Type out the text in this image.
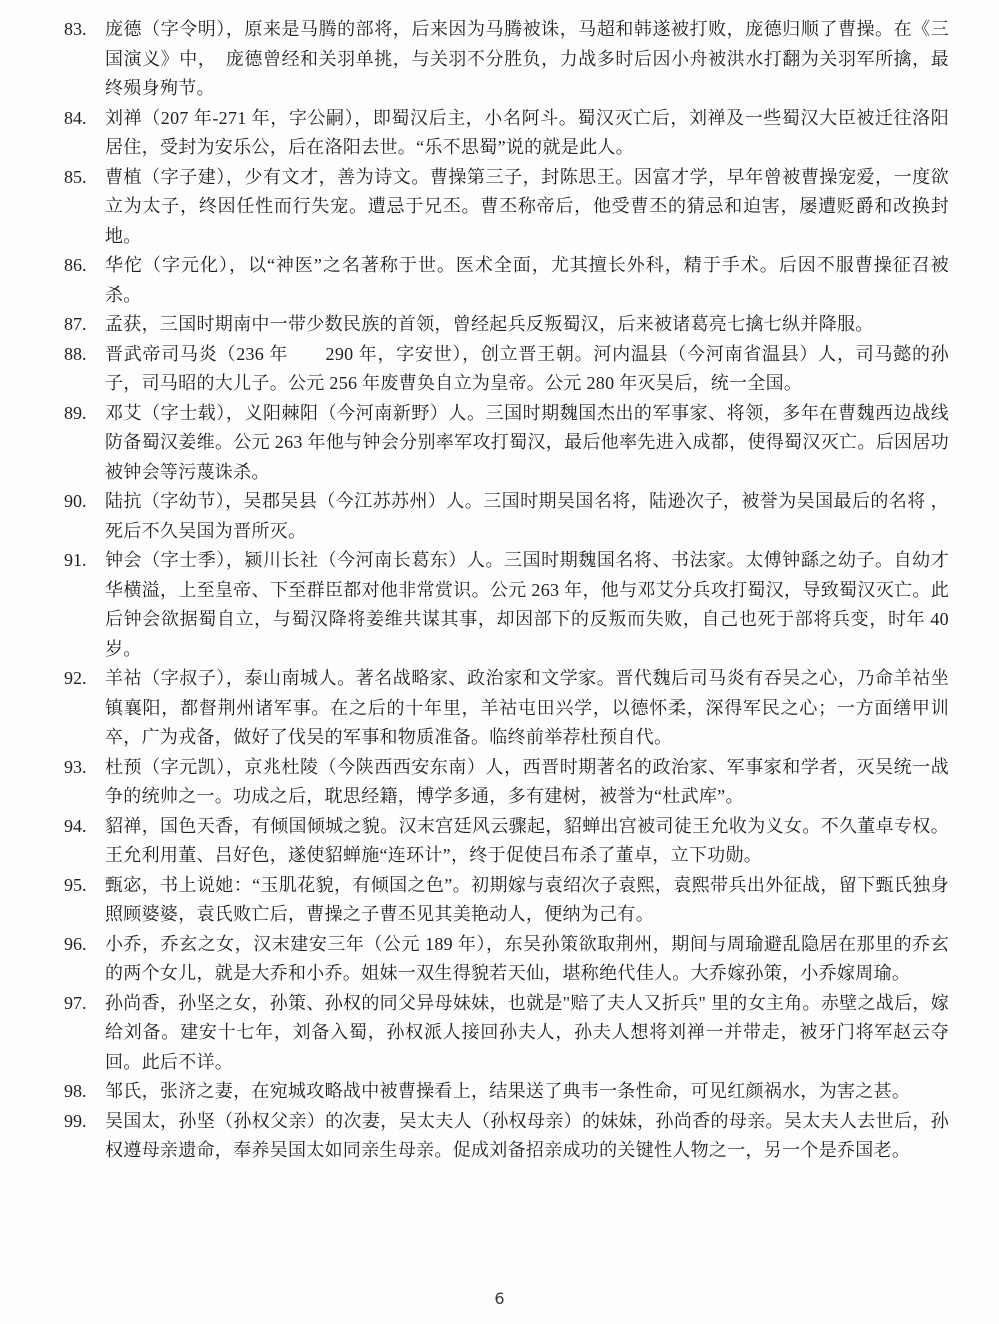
83.	庞德（字令明），原来是马腾的部将，后来因为马腾被诛，马超和韩遂被打败，庞德归顺了曹操。在《三国演义》中，　庞德曾经和关羽单挑，与关羽不分胜负，力战多时后因小舟被洪水打翻为关羽军所擒，最终殒身殉节。
84.	刘禅（207 年-271 年，字公嗣），即蜀汉后主，小名阿斗。蜀汉灭亡后，刘禅及一些蜀汉大臣被迁往洛阳居住，受封为安乐公，后在洛阳去世。“乐不思蜀”说的就是此人。
85.	曹植（字子建），少有文才，善为诗文。曹操第三子，封陈思王。因富才学，早年曾被曹操宠爱，一度欲立为太子，终因任性而行失宠。遭忌于兄丕。曹丕称帝后，他受曹丕的猜忌和迫害，屡遭贬爵和改换封地。
86.	华佗（字元化），以“神医”之名著称于世。医术全面，尤其擅长外科，精于手术。后因不服曹操征召被杀。
87.	孟获，三国时期南中一带少数民族的首领，曾经起兵反叛蜀汉，后来被诸葛亮七擒七纵并降服。
88.	晋武帝司马炎（236 年　　290 年，字安世），创立晋王朝。河内温县（今河南省温县）人，司马懿的孙子，司马昭的大儿子。公元 256 年废曹奂自立为皇帝。公元 280 年灭吴后，统一全国。
89.	邓艾（字士载），义阳棘阳（今河南新野）人。三国时期魏国杰出的军事家、将领，多年在曹魏西边战线防备蜀汉姜维。公元 263 年他与钟会分别率军攻打蜀汉，最后他率先进入成都，使得蜀汉灭亡。后因居功被钟会等污蔑诛杀。
90.	陆抗（字幼节），吴郡吴县（今江苏苏州）人。三国时期吴国名将，陆逊次子，被誉为吴国最后的名将 ，死后不久吴国为晋所灭。
91.	钟会（字士季），颍川长社（今河南长葛东）人。三国时期魏国名将、书法家。太傅钟繇之幼子。自幼才华横溢，上至皇帝、下至群臣都对他非常赏识。公元 263 年，他与邓艾分兵攻打蜀汉，导致蜀汉灭亡。此后钟会欲据蜀自立，与蜀汉降将姜维共谋其事，却因部下的反叛而失败，自己也死于部将兵变，时年 40 岁。
92.	羊祜（字叔子），泰山南城人。著名战略家、政治家和文学家。晋代魏后司马炎有吞吴之心，乃命羊祜坐镇襄阳，都督荆州诸军事。在之后的十年里，羊祜屯田兴学，以德怀柔，深得军民之心；一方面缮甲训卒，广为戎备，做好了伐吴的军事和物质准备。临终前举荐杜预自代。
93.	杜预（字元凯），京兆杜陵（今陕西西安东南）人，西晋时期著名的政治家、军事家和学者，灭吴统一战争的统帅之一。功成之后，耽思经籍，博学多通，多有建树，被誉为“杜武库”。
94.	貂禅，国色天香，有倾国倾城之貌。汉末宫廷风云骤起，貂蝉出宫被司徒王允收为义女。不久董卓专权。王允利用董、吕好色，遂使貂蝉施“连环计”，终于促使吕布杀了董卓，立下功勋。
95.	甄宓，书上说她：“玉肌花貌，有倾国之色”。初期嫁与袁绍次子袁熙，袁熙带兵出外征战，留下甄氏独身照顾婆婆，袁氏败亡后，曹操之子曹丕见其美艳动人，便纳为己有。
96.	小乔，乔玄之女，汉末建安三年（公元 189 年），东吴孙策欲取荆州，期间与周瑜避乱隐居在那里的乔玄的两个女儿，就是大乔和小乔。姐妹一双生得貌若天仙，堪称绝代佳人。大乔嫁孙策，小乔嫁周瑜。
97.	孙尚香，孙坚之女，孙策、孙权的同父异母妹妹，也就是"赔了夫人又折兵" 里的女主角。赤壁之战后，嫁给刘备。建安十七年，刘备入蜀，孙权派人接回孙夫人，孙夫人想将刘禅一并带走，被牙门将军赵云夺回。此后不详。
98.	邹氏，张济之妻，在宛城攻略战中被曹操看上，结果送了典韦一条性命，可见红颜祸水，为害之甚。
99.	吴国太，孙坚（孙权父亲）的次妻，吴太夫人（孙权母亲）的妹妹，孙尚香的母亲。吴太夫人去世后，孙权遵母亲遗命，奉养吴国太如同亲生母亲。促成刘备招亲成功的关键性人物之一，另一个是乔国老。
6
